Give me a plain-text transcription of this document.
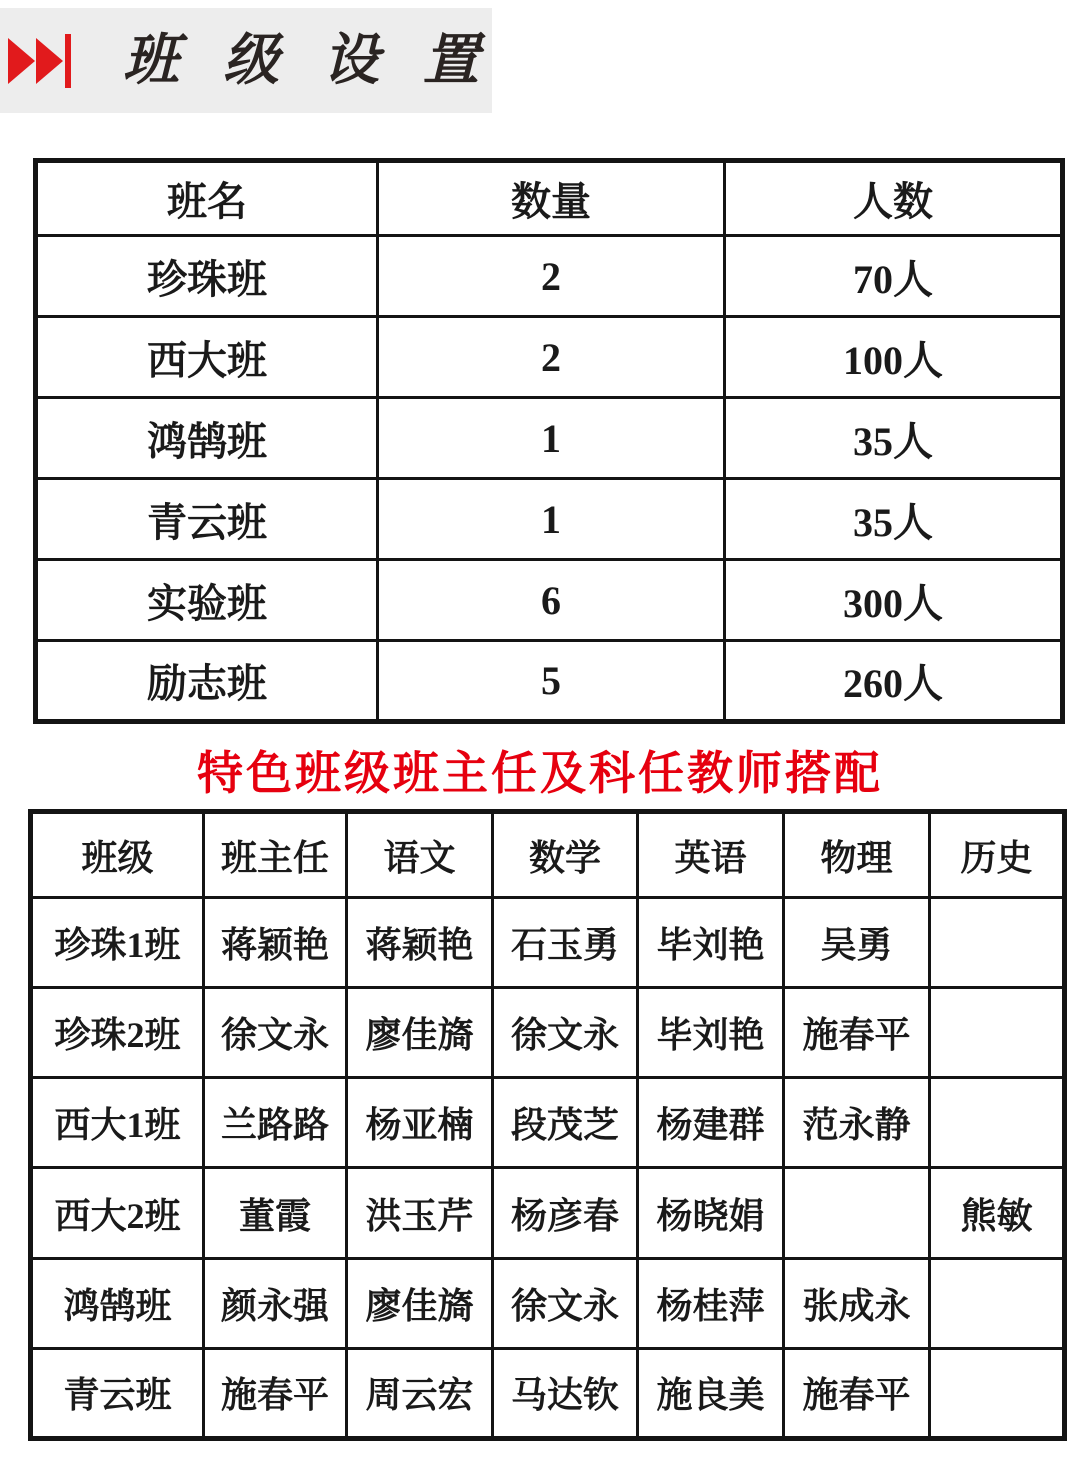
班级设置
班名	数量	人数
珍珠班	2	70人
西大班	2	100人
鸿鹄班	1	35人
青云班	1	35人
实验班	6	300人
励志班	5	260人
特色班级班主任及科任教师搭配
班级	班主任	语文	数学	英语	物理	历史
珍珠1班	蒋颖艳	蒋颖艳	石玉勇	毕刘艳	吴勇	
珍珠2班	徐文永	廖佳旖	徐文永	毕刘艳	施春平	
西大1班	兰路路	杨亚楠	段茂芝	杨建群	范永静	
西大2班	董霞	洪玉芹	杨彦春	杨晓娟		熊敏
鸿鹄班	颜永强	廖佳旖	徐文永	杨桂萍	张成永	
青云班	施春平	周云宏	马达钦	施良美	施春平	
